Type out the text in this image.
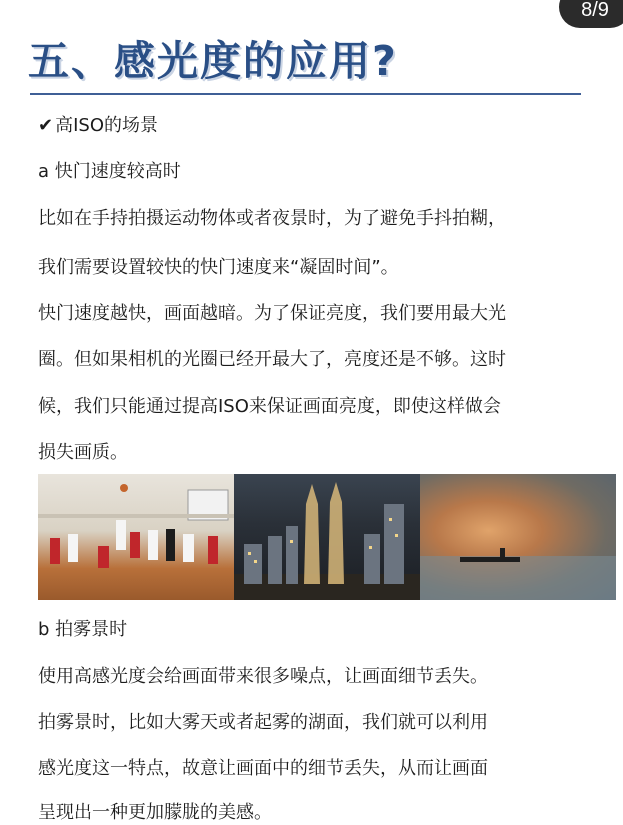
8/9
五、感光度的应用?
✔ 高ISO的场景
a 快门速度较高时
比如在手持拍摄运动物体或者夜景时，为了避免手抖拍糊，
我们需要设置较快的快门速度来“凝固时间”。
快门速度越快，画面越暗。为了保证亮度，我们要用最大光
圈。但如果相机的光圈已经开最大了，亮度还是不够。这时
候，我们只能通过提高ISO来保证画面亮度，即使这样做会
损失画质。
b 拍雾景时
使用高感光度会给画面带来很多噪点，让画面细节丢失。
拍雾景时，比如大雾天或者起雾的湖面，我们就可以利用
感光度这一特点，故意让画面中的细节丢失，从而让画面
呈现出一种更加朦胧的美感。
